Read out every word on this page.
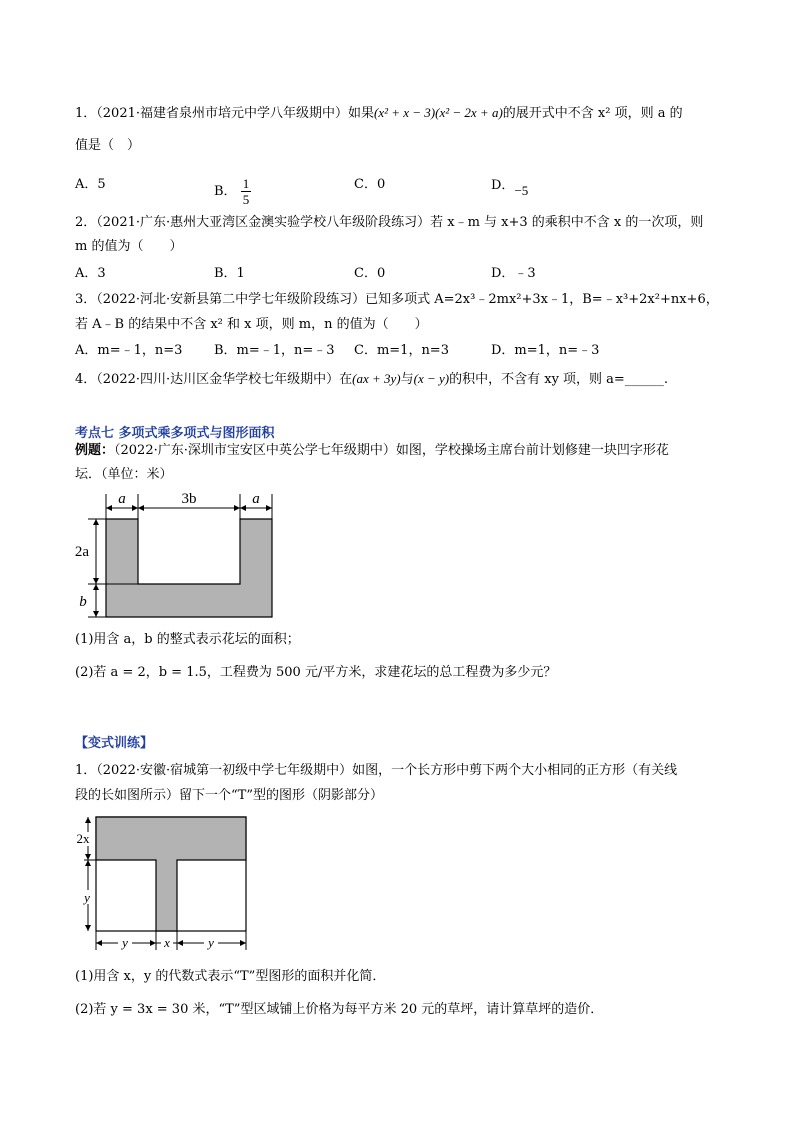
1．（2021·福建省泉州市培元中学八年级期中）如果(x² + x − 3)(x² − 2x + a)的展开式中不含 x² 项，则 a 的
值是（　）
A．5	B． $\frac{1}{5}$	C．0	D．−5
2．（2021·广东·惠州大亚湾区金澳实验学校八年级阶段练习）若 x﹣m 与 x+3 的乘积中不含 x 的一次项，则
m 的值为（　　）
A．3	B．1	C．0	D．﹣3
3．（2022·河北·安新县第二中学七年级阶段练习）已知多项式 A=2x³﹣2mx²+3x﹣1，B=﹣x³+2x²+nx+6，
若 A﹣B 的结果中不含 x² 和 x 项，则 m，n 的值为（　　）
A．m=﹣1，n=3 B．m=﹣1，n=﹣3 C．m=1，n=3	D．m=1，n=﹣3
4．（2022·四川·达川区金华学校七年级期中）在(ax + 3y)与(x − y)的积中，不含有 xy 项，则 a=______.
考点七 多项式乘多项式与图形面积
例题：（2022·广东·深圳市宝安区中英公学七年级期中）如图，学校操场主席台前计划修建一块凹字形花
坛．（单位：米）
a	3b	a
2a
b
(1)用含 a，b 的整式表示花坛的面积；
(2)若 a = 2，b = 1.5，工程费为 500 元/平方米，求建花坛的总工程费为多少元？
【变式训练】
1．（2022·安徽·宿城第一初级中学七年级期中）如图，一个长方形中剪下两个大小相同的正方形（有关线
段的长如图所示）留下一个“T”型的图形（阴影部分）
2x
y
y	x	y
(1)用含 x，y 的代数式表示“T”型图形的面积并化简．
(2)若 y = 3x = 30 米，“T”型区域铺上价格为每平方米 20 元的草坪，请计算草坪的造价．
